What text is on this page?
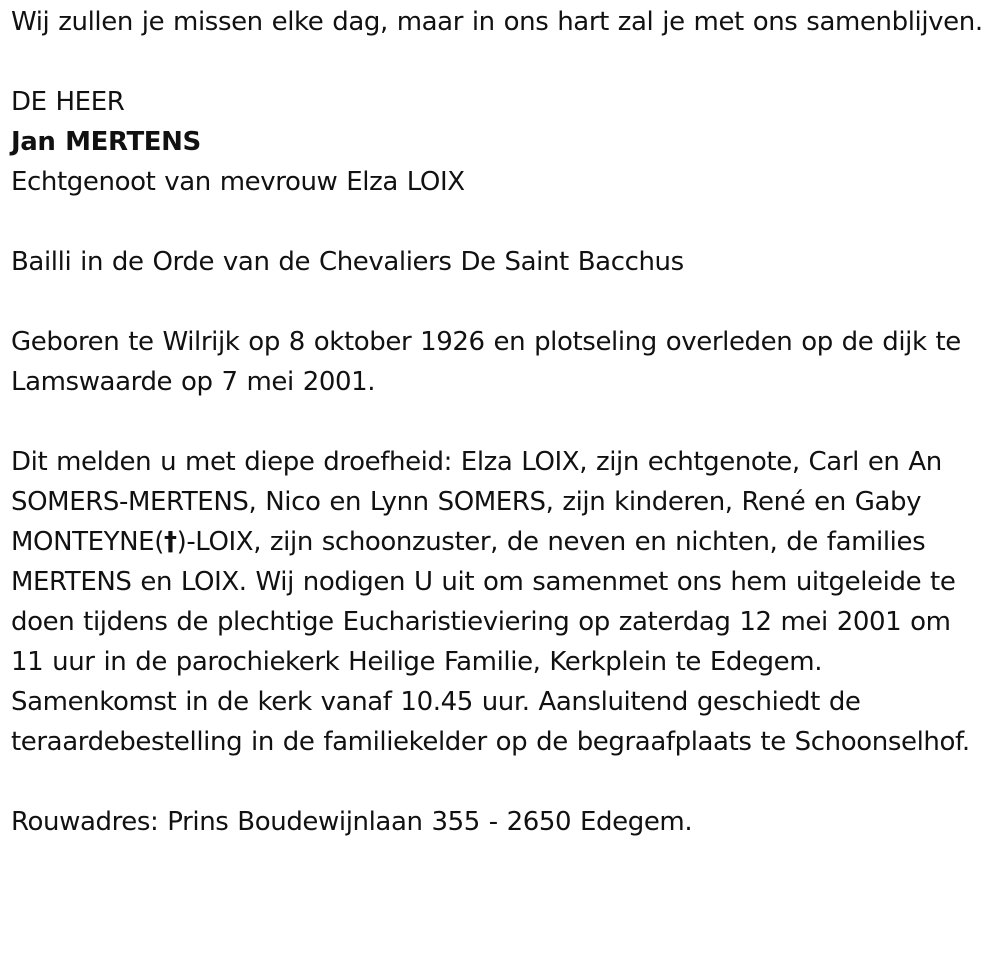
Wij zullen je missen elke dag, maar in ons hart zal je met ons samenblijven.

DE HEER

Jan MERTENS

Echtgenoot van mevrouw Elza LOIX

Bailli in de Orde van de Chevaliers De Saint Bacchus

Geboren te Wilrijk op 8 oktober 1926 en plotseling overleden op de dijk te Lamswaarde op 7 mei 2001.

Dit melden u met diepe droefheid: Elza LOIX, zijn echtgenote, Carl en An SOMERS-MERTENS, Nico en Lynn SOMERS, zijn kinderen, René en Gaby MONTEYNE(†)-LOIX, zijn schoonzuster, de neven en nichten, de families MERTENS en LOIX. Wij nodigen U uit om samenmet ons hem uitgeleide te doen tijdens de plechtige Eucharistieviering op zaterdag 12 mei 2001 om 11 uur in de parochiekerk Heilige Familie, Kerkplein te Edegem. Samenkomst in de kerk vanaf 10.45 uur. Aansluitend geschiedt de teraardebestelling in de familiekelder op de begraafplaats te Schoonselhof.

Rouwadres: Prins Boudewijnlaan 355 - 2650 Edegem.
